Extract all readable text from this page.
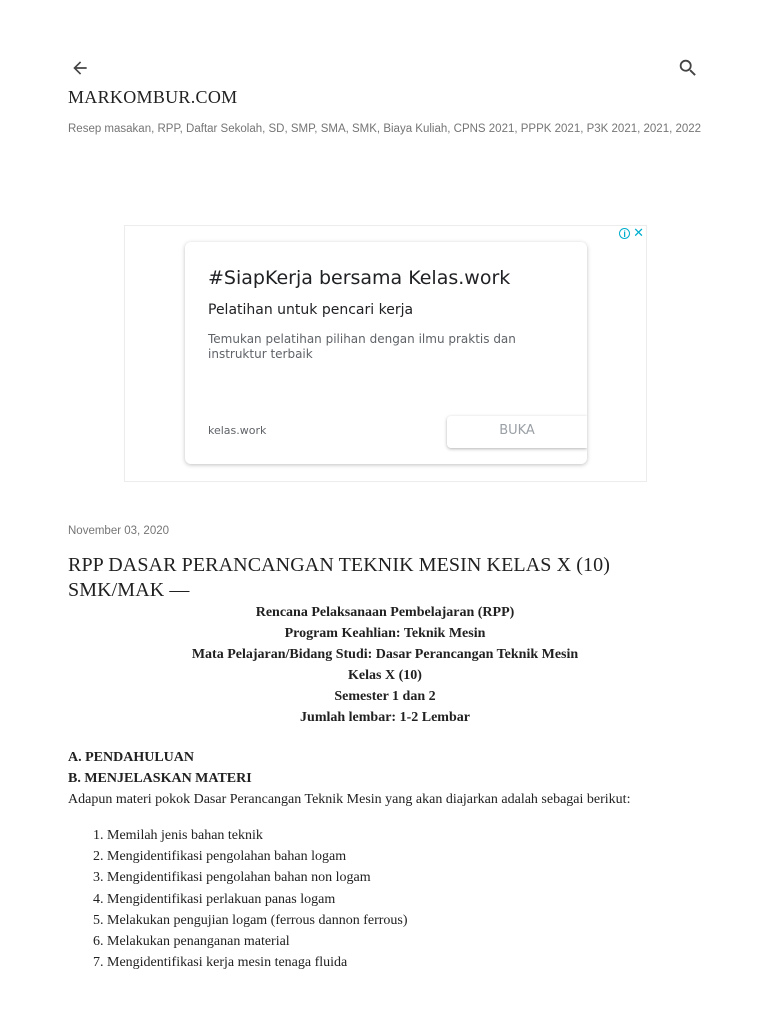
MARKOMBUR.COM
Resep masakan, RPP, Daftar Sekolah, SD, SMP, SMA, SMK, Biaya Kuliah, CPNS 2021, PPPK 2021, P3K 2021, 2021, 2022
i ✕
#SiapKerja bersama Kelas.work
Pelatihan untuk pencari kerja
Temukan pelatihan pilihan dengan ilmu praktis dan instruktur terbaik
kelas.work	BUKA
November 03, 2020
RPP DASAR PERANCANGAN TEKNIK MESIN KELAS X (10) SMK/MAK —
Rencana Pelaksanaan Pembelajaran (RPP)
Program Keahlian: Teknik Mesin
Mata Pelajaran/Bidang Studi: Dasar Perancangan Teknik Mesin
Kelas X (10)
Semester 1 dan 2
Jumlah lembar: 1-2 Lembar
A. PENDAHULUAN
B. MENJELASKAN MATERI
Adapun materi pokok Dasar Perancangan Teknik Mesin yang akan diajarkan adalah sebagai berikut:
1. Memilah jenis bahan teknik
2. Mengidentifikasi pengolahan bahan logam
3. Mengidentifikasi pengolahan bahan non logam
4. Mengidentifikasi perlakuan panas logam
5. Melakukan pengujian logam (ferrous dannon ferrous)
6. Melakukan penanganan material
7. Mengidentifikasi kerja mesin tenaga fluida
